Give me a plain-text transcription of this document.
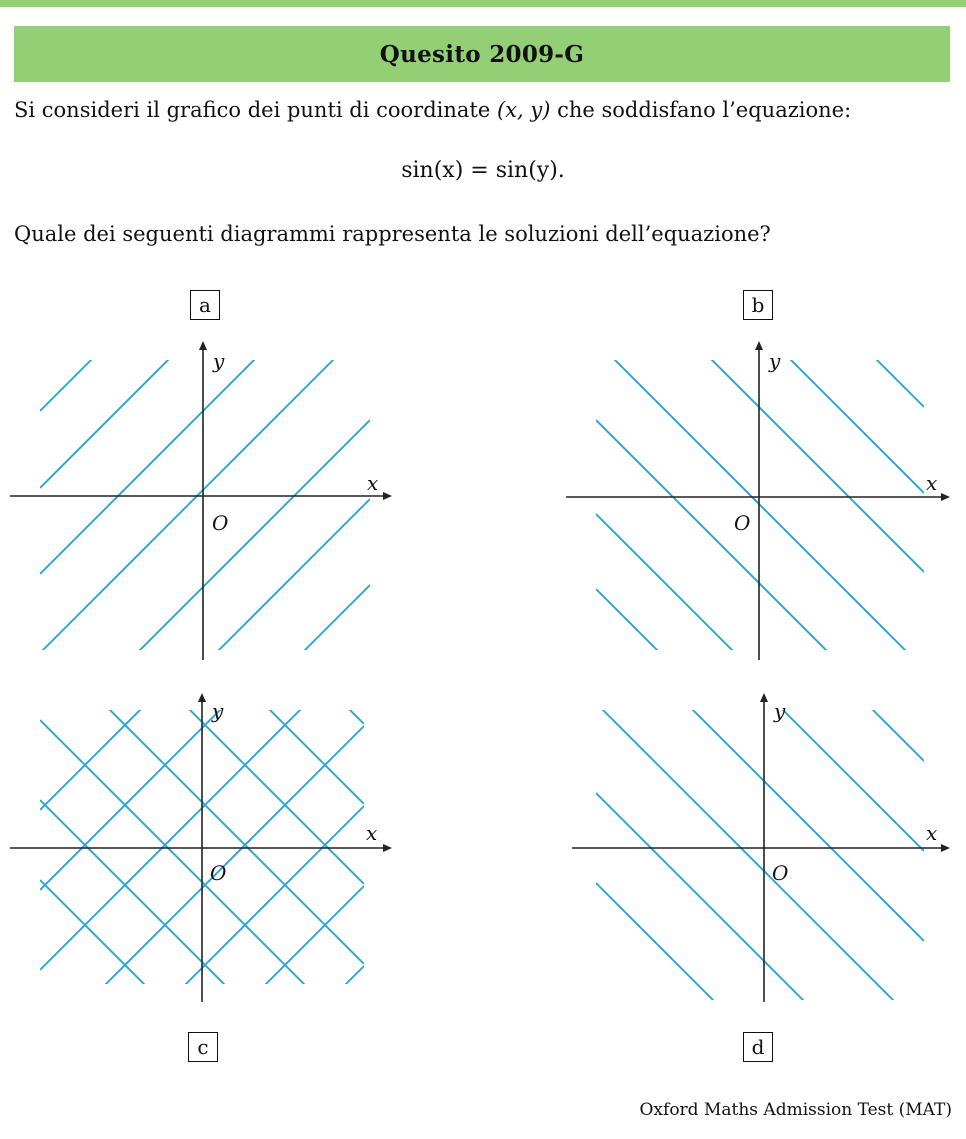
Quesito 2009-G
Si consideri il grafico dei punti di coordinate (x, y) che soddisfano l’equazione:
sin(x) = sin(y).
Quale dei seguenti diagrammi rappresenta le soluzioni dell’equazione?
a	b
c	d
y
x
O
y
x
O
y
x
O
y
x
O
Oxford Maths Admission Test (MAT)
